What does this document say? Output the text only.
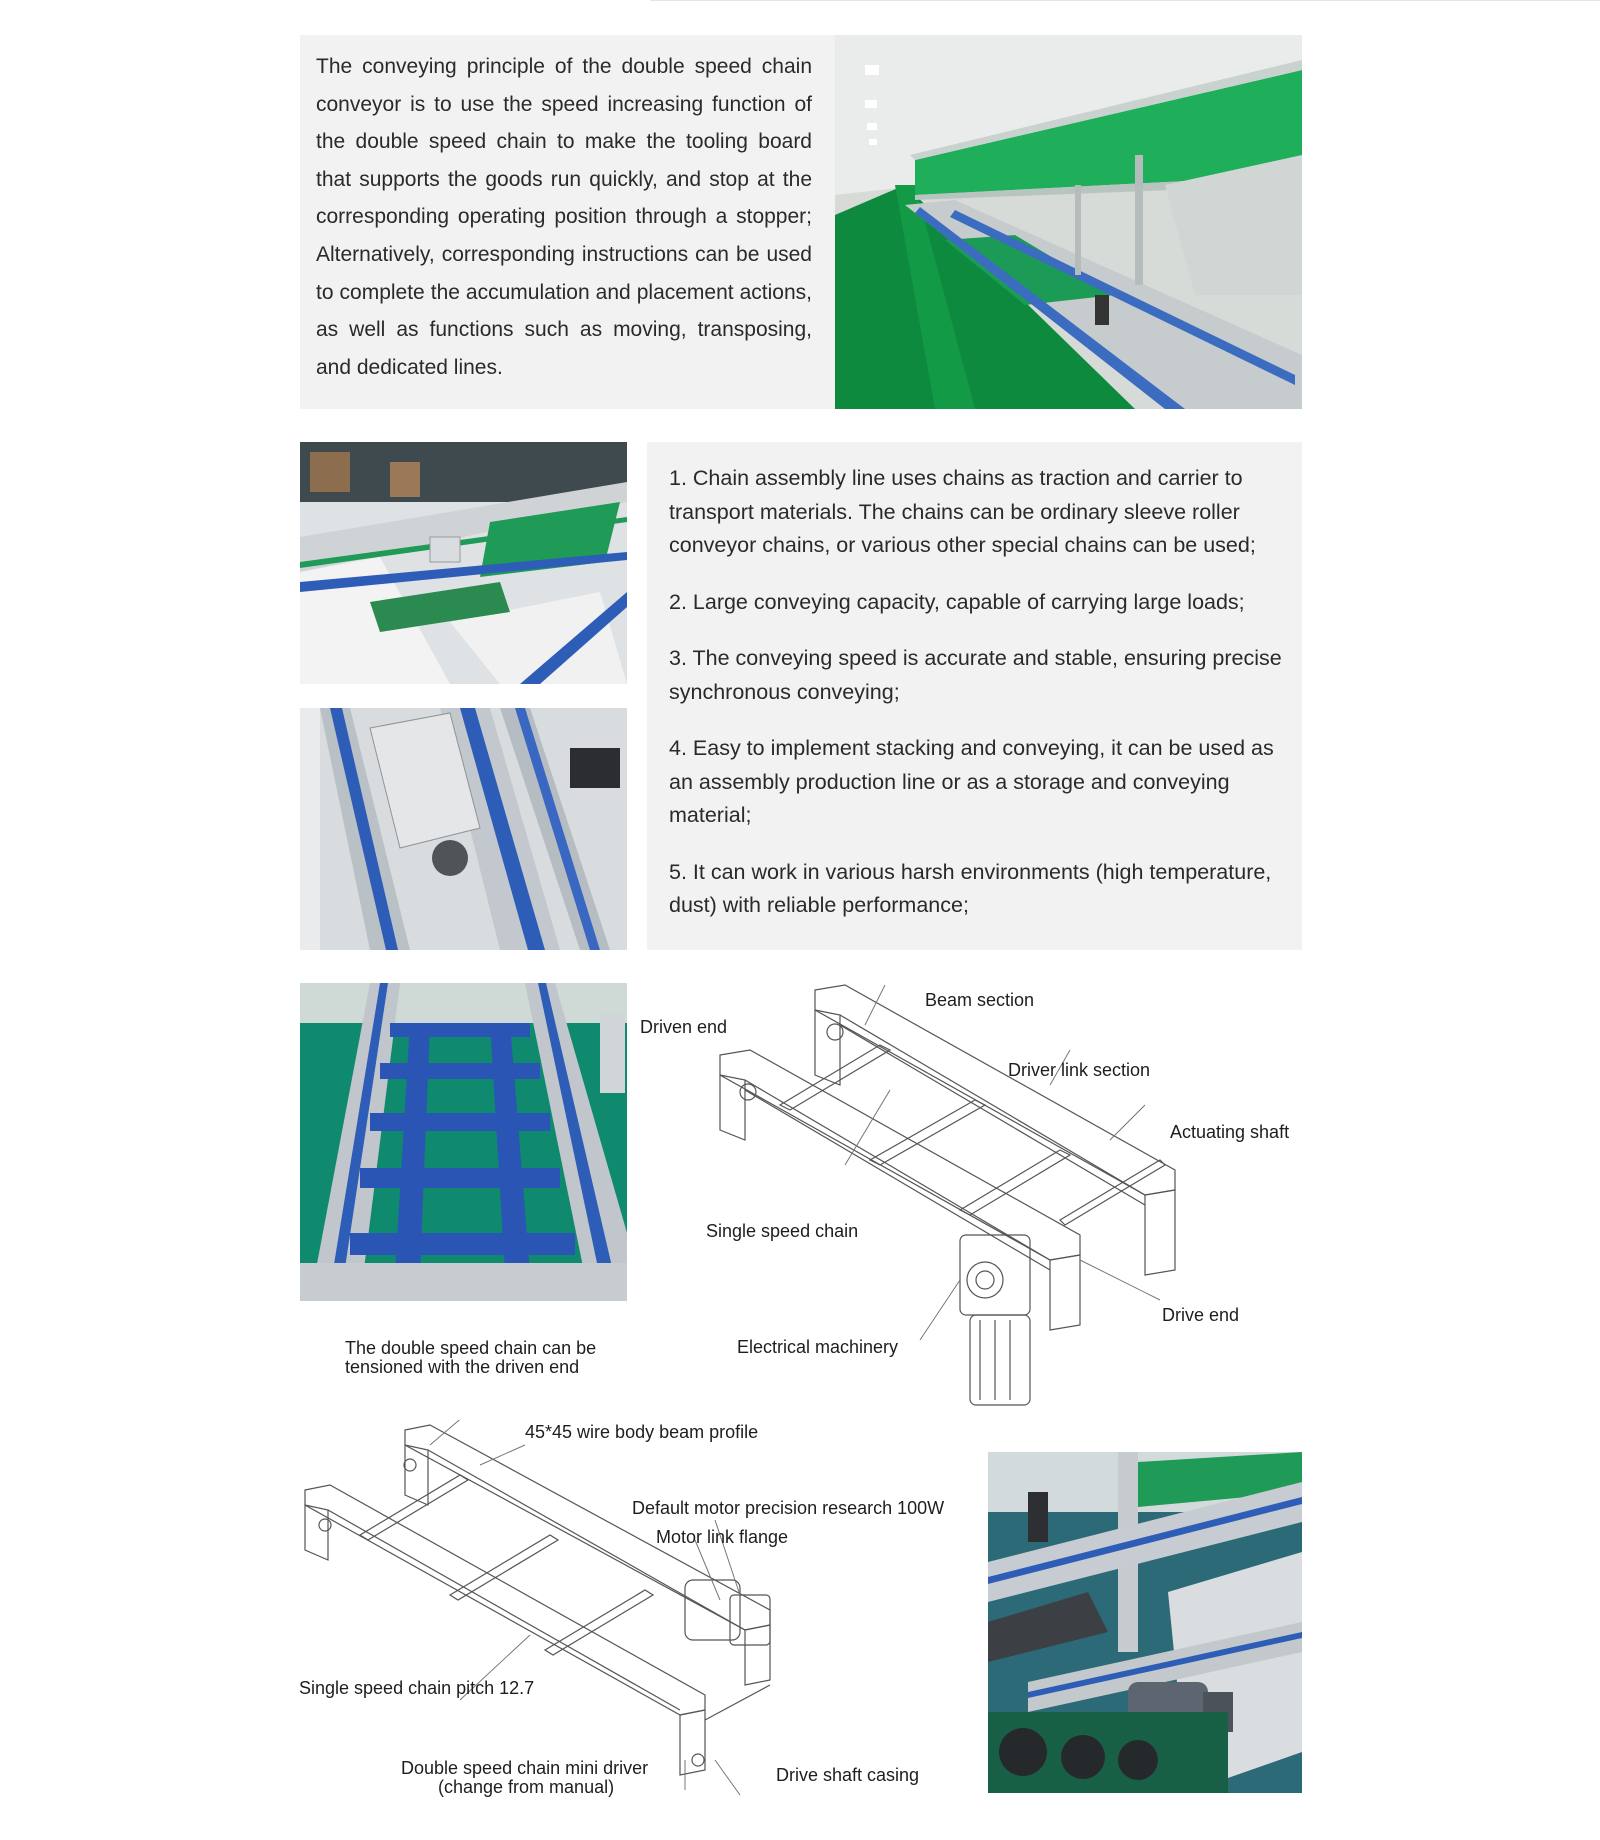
The conveying principle of the double speed chain conveyor is to use the speed increasing function of the double speed chain to make the tooling board that supports the goods run quickly, and stop at the corresponding operating position through a stopper; Alternatively, corresponding instructions can be used to complete the accumulation and placement actions, as well as functions such as moving, transposing, and dedicated lines.

1. Chain assembly line uses chains as traction and carrier to transport materials. The chains can be ordinary sleeve roller conveyor chains, or various other special chains can be used;
2. Large conveying capacity, capable of carrying large loads;
3. The conveying speed is accurate and stable, ensuring precise synchronous conveying;
4. Easy to implement stacking and conveying, it can be used as an assembly production line or as a storage and conveying material;
5. It can work in various harsh environments (high temperature, dust) with reliable performance;
Beam section
Driven end
Driver link section
Actuating shaft
Single speed chain
Drive end
Electrical machinery
The double speed chain can be
tensioned with the driven end
45*45 wire body beam profile
Default motor precision research 100W
Motor link flange
Single speed chain pitch 12.7
Double speed chain mini driver
(change from manual)
Drive shaft casing
